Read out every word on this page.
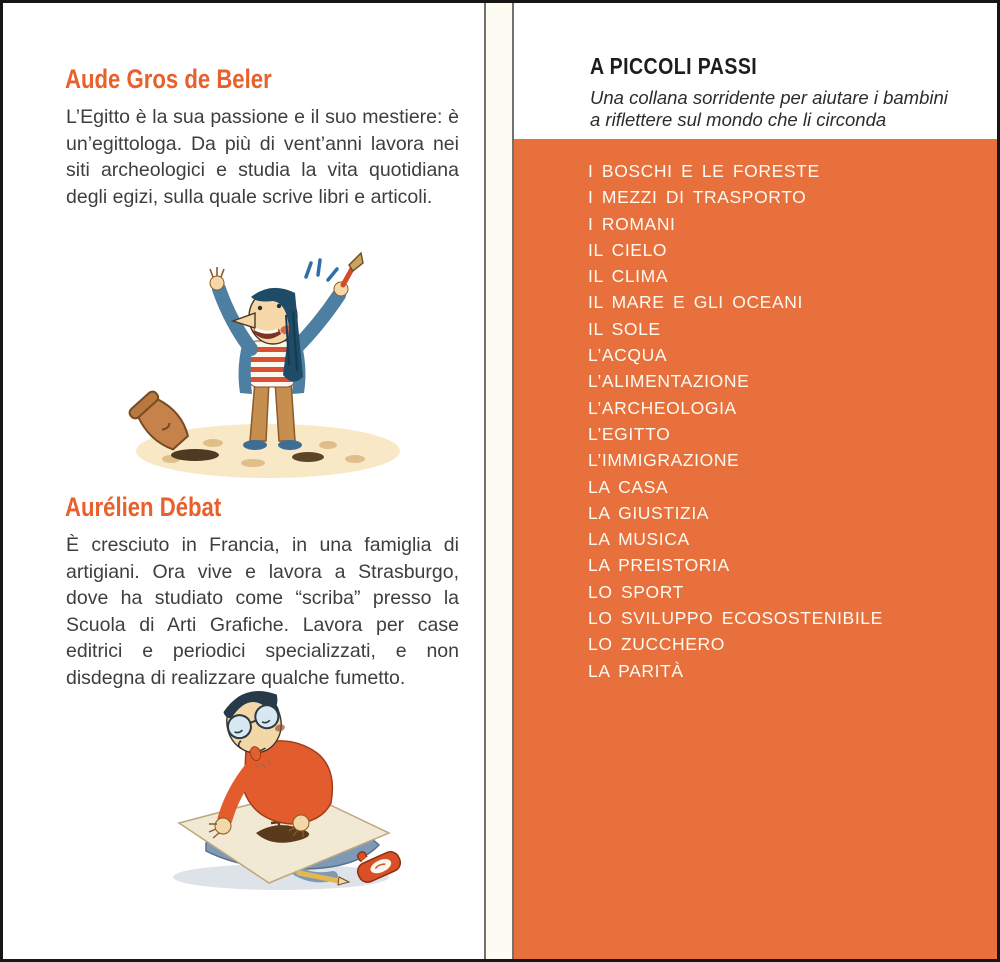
Aude Gros de Beler

L’Egitto è la sua passione e il suo mestiere: è un’egittologa. Da più di vent’anni lavora nei siti archeologici e studia la vita quotidiana degli egizi, sulla quale scrive libri e articoli.

Aurélien Débat

È cresciuto in Francia, in una famiglia di artigiani. Ora vive e lavora a Strasburgo, dove ha studiato come “scriba” presso la Scuola di Arti Grafiche. Lavora per case editrici e periodici specializzati, e non disdegna di realizzare qualche fumetto.

A PICCOLI PASSI

Una collana sorridente per aiutare i bambini
a riflettere sul mondo che li circonda

I BOSCHI E LE FORESTE
I MEZZI DI TRASPORTO
I ROMANI
IL CIELO
IL CLIMA
IL MARE E GLI OCEANI
IL SOLE
L’ACQUA
L’ALIMENTAZIONE
L’ARCHEOLOGIA
L’EGITTO
L’IMMIGRAZIONE
LA CASA
LA GIUSTIZIA
LA MUSICA
LA PREISTORIA
LO SPORT
LO SVILUPPO ECOSOSTENIBILE
LO ZUCCHERO
LA PARITÀ
